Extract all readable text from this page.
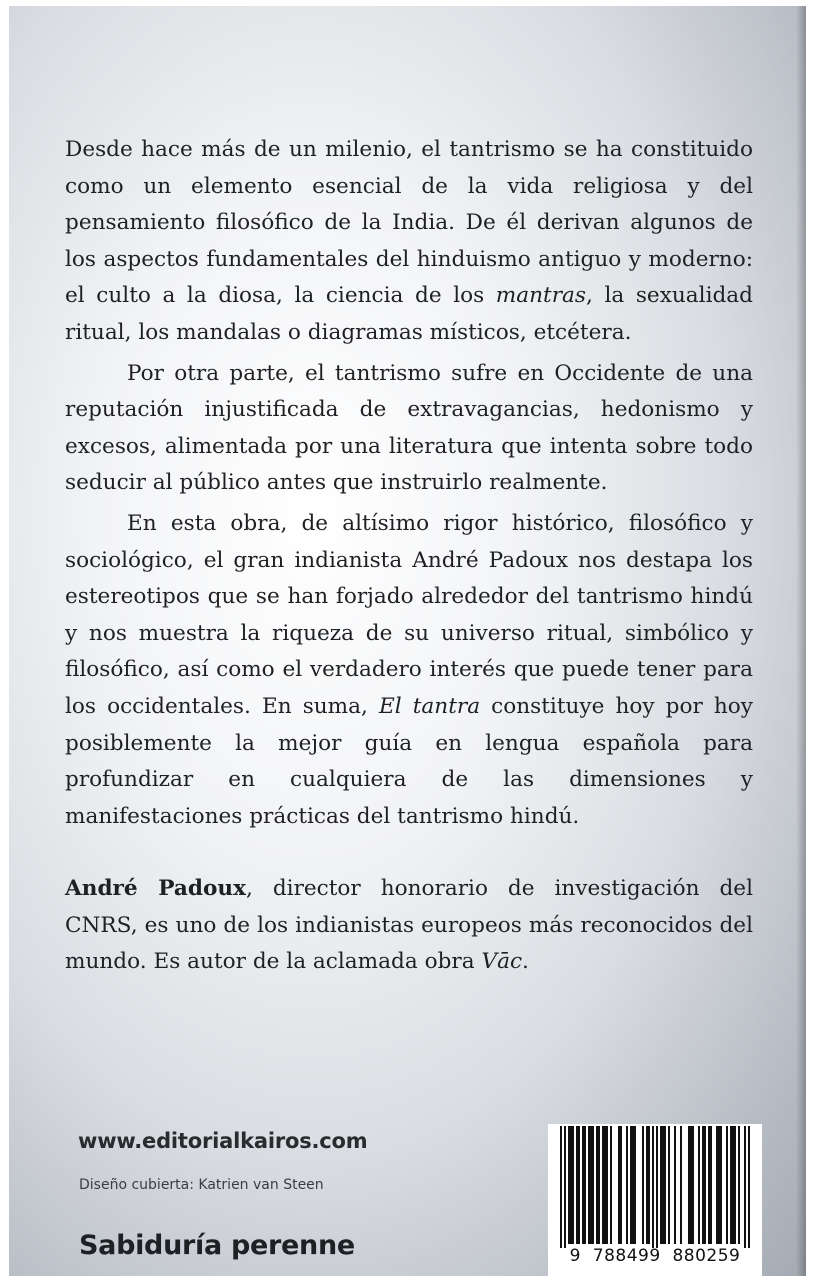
Desde hace más de un milenio, el tantrismo se ha constituido como un elemento esencial de la vida religiosa y del pensamiento filosófico de la India. De él derivan algunos de los aspectos fundamentales del hinduismo antiguo y moderno: el culto a la diosa, la ciencia de los mantras, la sexualidad ritual, los mandalas o diagramas místicos, etcétera.

Por otra parte, el tantrismo sufre en Occidente de una reputación injustificada de extravagancias, hedonismo y excesos, alimentada por una literatura que intenta sobre todo seducir al público antes que instruirlo realmente.

En esta obra, de altísimo rigor histórico, filosófico y sociológico, el gran indianista André Padoux nos destapa los estereotipos que se han forjado alrededor del tantrismo hindú y nos muestra la riqueza de su universo ritual, simbólico y filosófico, así como el verdadero interés que puede tener para los occidentales. En suma, El tantra constituye hoy por hoy posiblemente la mejor guía en lengua española para profundizar en cualquiera de las dimensiones y manifestaciones prácticas del tantrismo hindú.

André Padoux, director honorario de investigación del CNRS, es uno de los indianistas europeos más reconocidos del mundo. Es autor de la aclamada obra Vāc.

www.editorialkairos.com
Diseño cubierta: Katrien van Steen
Sabiduría perenne	9  788499  880259
